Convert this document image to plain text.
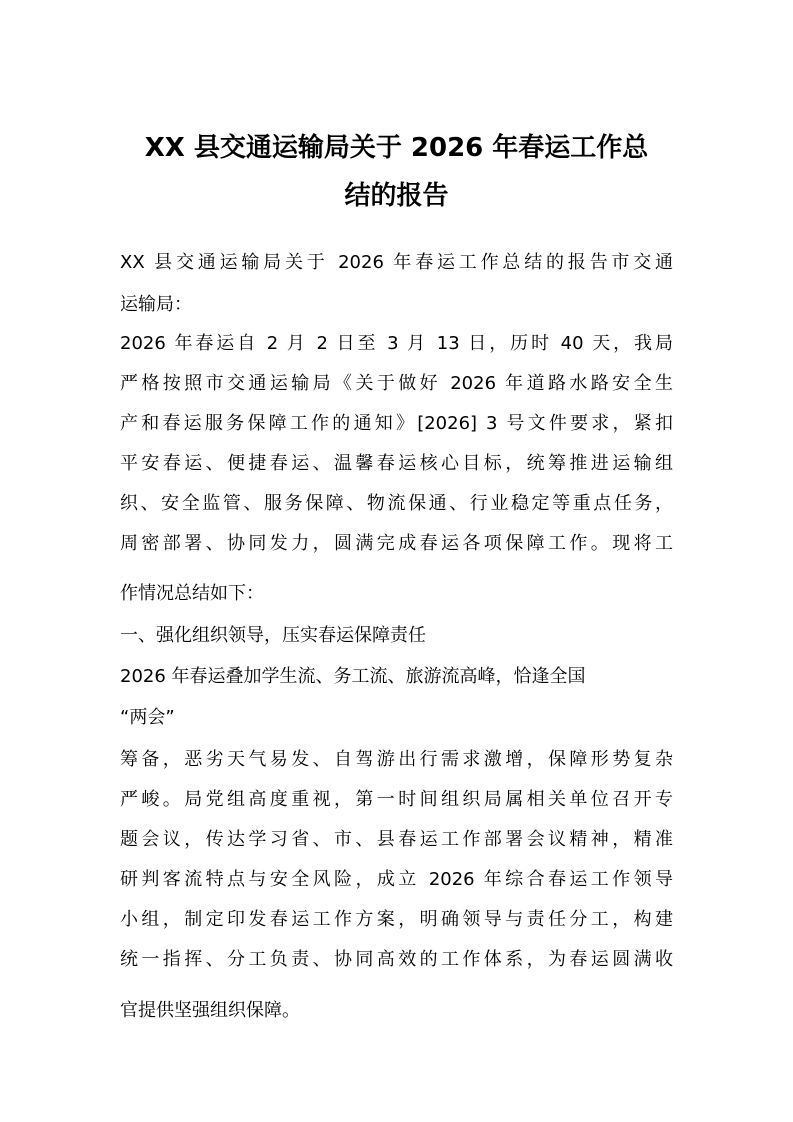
XX 县交通运输局关于 2026 年春运工作总
结的报告

XX 县交通运输局关于 2026 年春运工作总结的报告市交通

运输局：

2026 年春运自 2 月 2 日至 3 月 13 日，历时 40 天，我局

严格按照市交通运输局《关于做好 2026 年道路水路安全生

产和春运服务保障工作的通知》[2026] 3 号文件要求，紧扣

平安春运、便捷春运、温馨春运核心目标，统筹推进运输组

织、安全监管、服务保障、物流保通、行业稳定等重点任务，

周密部署、协同发力，圆满完成春运各项保障工作。现将工

作情况总结如下：

一、强化组织领导，压实春运保障责任

2026 年春运叠加学生流、务工流、旅游流高峰，恰逢全国

“两会”

筹备，恶劣天气易发、自驾游出行需求激增，保障形势复杂

严峻。局党组高度重视，第一时间组织局属相关单位召开专

题会议，传达学习省、市、县春运工作部署会议精神，精准

研判客流特点与安全风险，成立 2026 年综合春运工作领导

小组，制定印发春运工作方案，明确领导与责任分工，构建

统一指挥、分工负责、协同高效的工作体系，为春运圆满收

官提供坚强组织保障。
